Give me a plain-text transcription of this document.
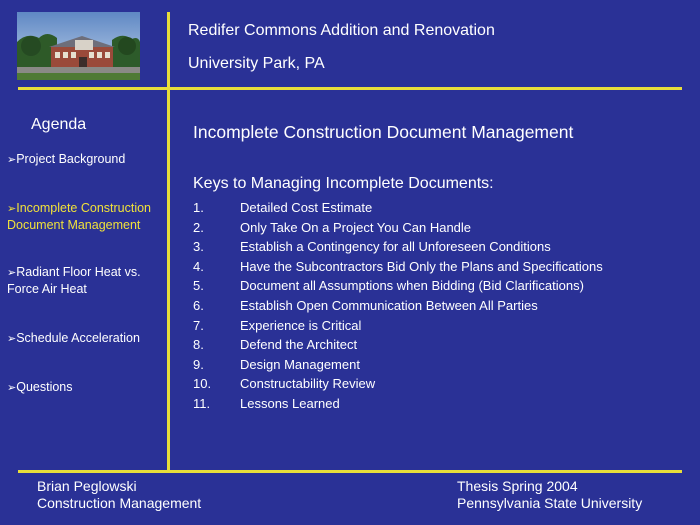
Redifer Commons Addition and Renovation
University Park, PA
Agenda
➢Project Background
➢Incomplete Construction Document Management
➢Radiant Floor Heat vs. Force Air Heat
➢Schedule Acceleration
➢Questions
Incomplete Construction Document Management
Keys to Managing Incomplete Documents:
1.	Detailed Cost Estimate
2.	Only Take On a Project You Can Handle
3.	Establish a Contingency for all Unforeseen Conditions
4.	Have the Subcontractors Bid Only the Plans and Specifications
5.	Document all Assumptions when Bidding (Bid Clarifications)
6.	Establish Open Communication Between All Parties
7.	Experience is Critical
8.	Defend the Architect
9.	Design Management
10. Constructability Review
11. Lessons Learned
Brian Peglowski
Construction Management
Thesis Spring 2004
Pennsylvania State University
